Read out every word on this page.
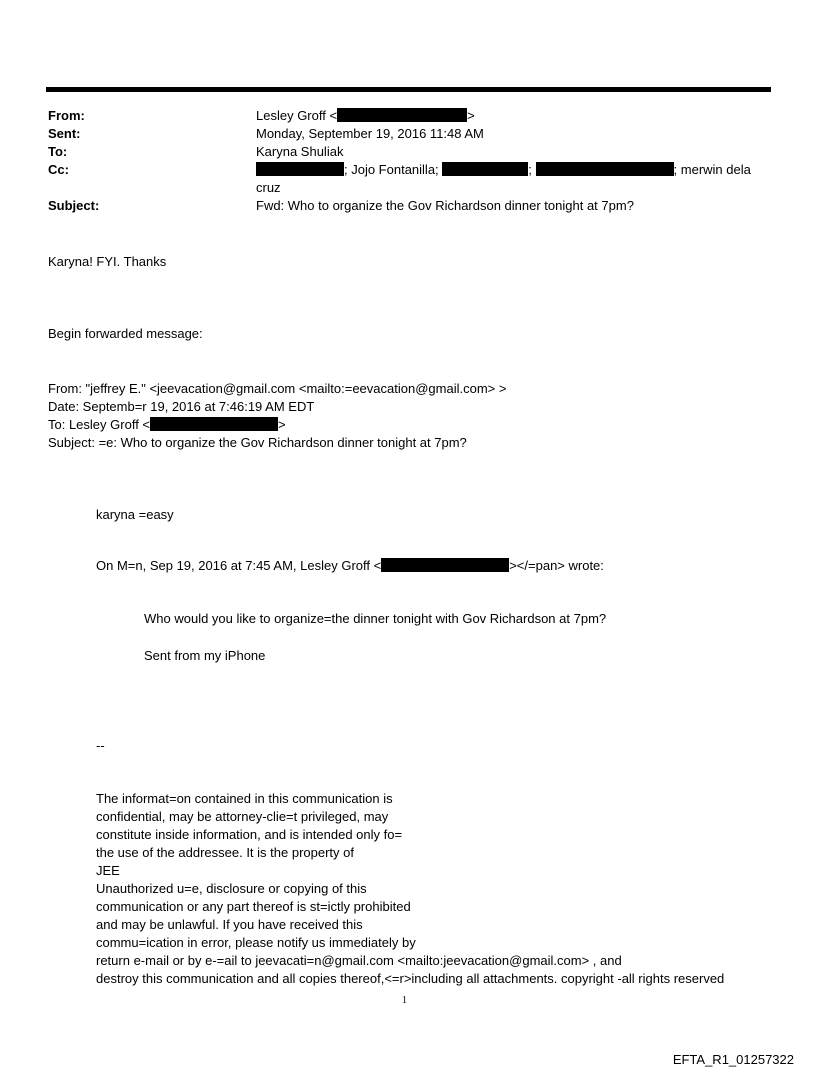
From:	Lesley Groff <	>
Sent:	Monday, September 19, 2016 11:48 AM
To:	Karyna Shuliak
Cc:	; Jojo Fontanilla;	;	; merwin dela
cruz
Subject:	Fwd: Who to organize the Gov Richardson dinner tonight at 7pm?
Karyna! FYI. Thanks
Begin forwarded message:
From: "jeffrey E." <jeevacation@gmail.com <mailto:=eevacation@gmail.com> >
Date: Septemb=r 19, 2016 at 7:46:19 AM EDT
To: Lesley Groff <	>
Subject: =e: Who to organize the Gov Richardson dinner tonight at 7pm?
karyna =easy
On M=n, Sep 19, 2016 at 7:45 AM, Lesley Groff <	></=pan> wrote:
Who would you like to organize=the dinner tonight with Gov Richardson at 7pm?
Sent from my iPhone
--
The informat=on contained in this communication is
confidential, may be attorney-clie=t privileged, may
constitute inside information, and is intended only fo=
the use of the addressee. It is the property of
JEE
Unauthorized u=e, disclosure or copying of this
communication or any part thereof is st=ictly prohibited
and may be unlawful. If you have received this
commu=ication in error, please notify us immediately by
return e-mail or by e-=ail to jeevacati=n@gmail.com <mailto:jeevacation@gmail.com> , and
destroy this communication and all copies thereof,<=r>including all attachments. copyright -all rights reserved
1
EFTA_R1_01257322
